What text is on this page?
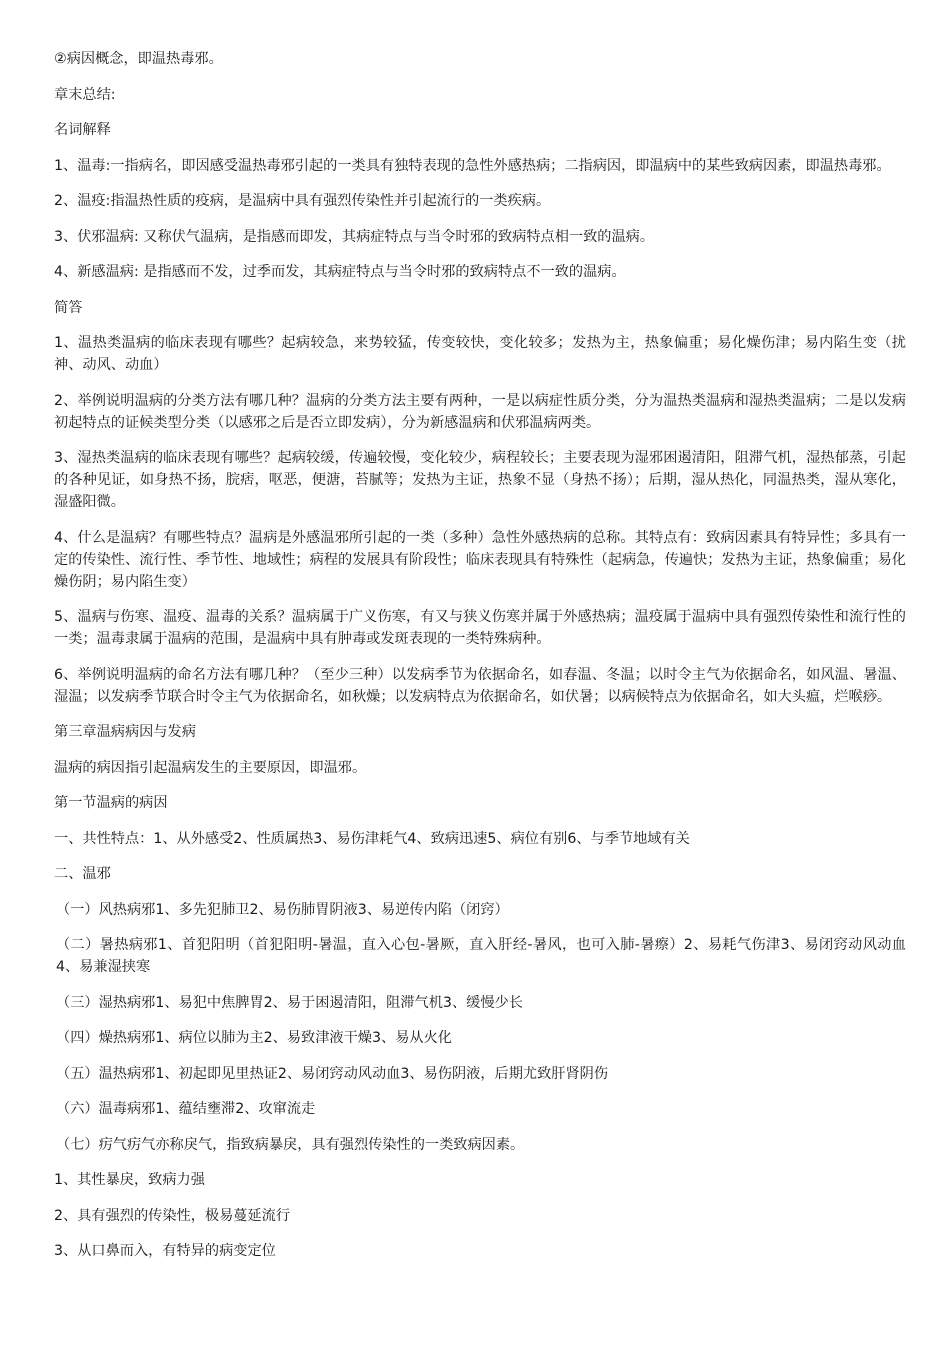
②病因概念，即温热毒邪。

章末总结:

名词解释

1、温毒:一指病名，即因感受温热毒邪引起的一类具有独特表现的急性外感热病；二指病因，即温病中的某些致病因素，即温热毒邪。

2、温疫:指温热性质的疫病，是温病中具有强烈传染性并引起流行的一类疾病。

3、伏邪温病: 又称伏气温病，是指感而即发，其病症特点与当令时邪的致病特点相一致的温病。

4、新感温病: 是指感而不发，过季而发，其病症特点与当令时邪的致病特点不一致的温病。

简答

1、温热类温病的临床表现有哪些？起病较急，来势较猛，传变较快，变化较多；发热为主，热象偏重；易化燥伤津；易内陷生变（扰神、动风、动血）

2、举例说明温病的分类方法有哪几种？温病的分类方法主要有两种，一是以病症性质分类，分为温热类温病和湿热类温病；二是以发病初起特点的证候类型分类（以感邪之后是否立即发病），分为新感温病和伏邪温病两类。

3、湿热类温病的临床表现有哪些？起病较缓，传遍较慢，变化较少，病程较长；主要表现为湿邪困遏清阳，阻滞气机，湿热郁蒸，引起的各种见证，如身热不扬，脘痞，呕恶，便溏，苔腻等；发热为主证，热象不显（身热不扬）；后期，湿从热化，同温热类，湿从寒化，湿盛阳微。

4、什么是温病？有哪些特点？温病是外感温邪所引起的一类（多种）急性外感热病的总称。其特点有：致病因素具有特异性；多具有一定的传染性、流行性、季节性、地域性；病程的发展具有阶段性；临床表现具有特殊性（起病急，传遍快；发热为主证，热象偏重；易化燥伤阴；易内陷生变）

5、温病与伤寒、温疫、温毒的关系？温病属于广义伤寒，有又与狭义伤寒并属于外感热病；温疫属于温病中具有强烈传染性和流行性的一类；温毒隶属于温病的范围，是温病中具有肿毒或发斑表现的一类特殊病种。

6、举例说明温病的命名方法有哪几种？（至少三种）以发病季节为依据命名，如春温、冬温；以时令主气为依据命名，如风温、暑温、湿温；以发病季节联合时令主气为依据命名，如秋燥；以发病特点为依据命名，如伏暑；以病候特点为依据命名，如大头瘟，烂喉痧。

第三章温病病因与发病

温病的病因指引起温病发生的主要原因，即温邪。

第一节温病的病因

一、共性特点：1、从外感受2、性质属热3、易伤津耗气4、致病迅速5、病位有别6、与季节地域有关

二、温邪

（一）风热病邪1、多先犯肺卫2、易伤肺胃阴液3、易逆传内陷（闭窍）

（二）暑热病邪1、首犯阳明（首犯阳明-暑温，直入心包-暑厥，直入肝经-暑风，也可入肺-暑瘵）2、易耗气伤津3、易闭窍动风动血4、易兼湿挟寒

（三）湿热病邪1、易犯中焦脾胃2、易于困遏清阳，阻滞气机3、缓慢少长

（四）燥热病邪1、病位以肺为主2、易致津液干燥3、易从火化

（五）温热病邪1、初起即见里热证2、易闭窍动风动血3、易伤阴液，后期尤致肝肾阴伤

（六）温毒病邪1、蕴结壅滞2、攻窜流走

（七）疠气疠气亦称戾气，指致病暴戾，具有强烈传染性的一类致病因素。

1、其性暴戾，致病力强

2、具有强烈的传染性，极易蔓延流行

3、从口鼻而入，有特异的病变定位
